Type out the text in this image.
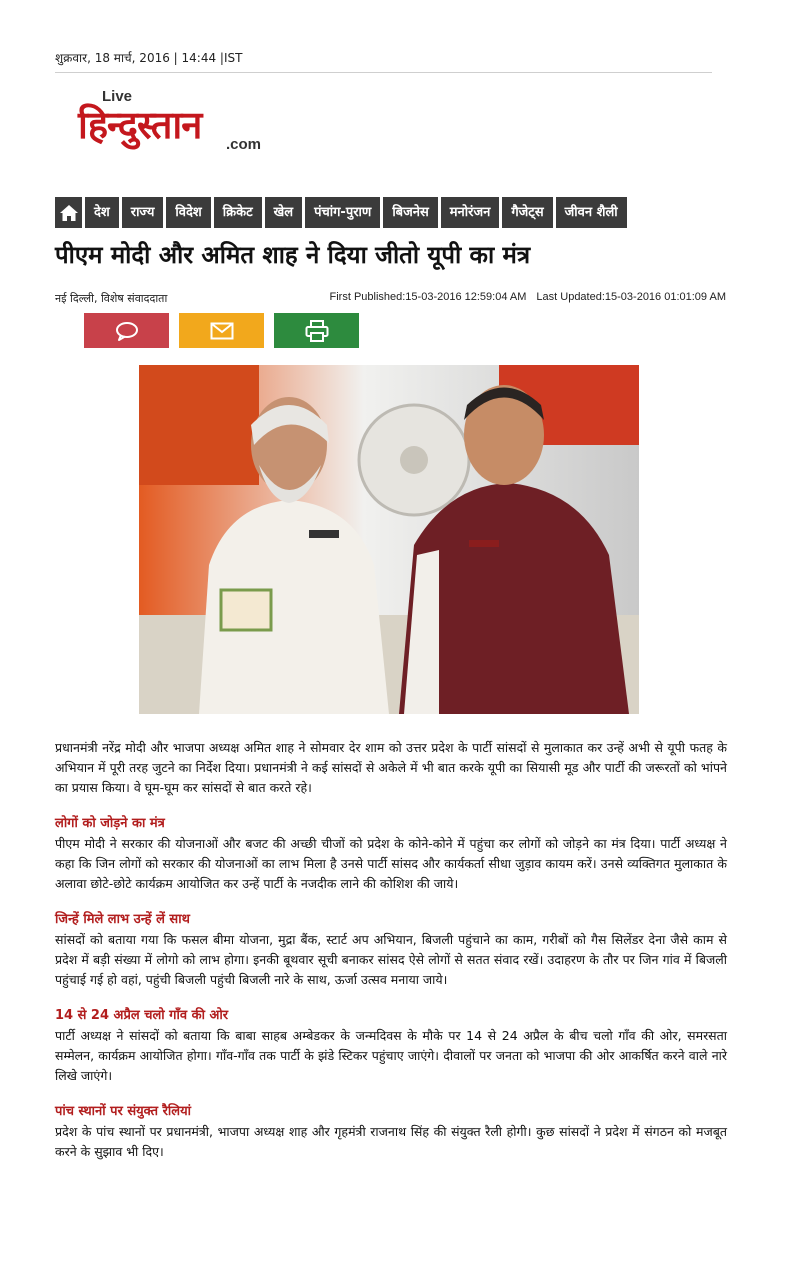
शुक्रवार, 18 मार्च, 2016 | 14:44 |IST
Live
हिन्दुस्तान .com
देश	राज्य	विदेश	क्रिकेट	खेल	पंचांग-पुराण	बिजनेस	मनोरंजन	गैजेट्स	जीवन शैली
पीएम मोदी और अमित शाह ने दिया जीतो यूपी का मंत्र
नई दिल्ली, विशेष संवाददाता	First Published:15-03-2016 12:59:04 AM Last Updated:15-03-2016 01:01:09 AM

प्रधानमंत्री नरेंद्र मोदी और भाजपा अध्यक्ष अमित शाह ने सोमवार देर शाम को उत्तर प्रदेश के पार्टी सांसदों से मुलाकात कर उन्हें अभी से यूपी फतह के अभियान में पूरी तरह जुटने का निर्देश दिया। प्रधानमंत्री ने कई सांसदों से अकेले में भी बात करके यूपी का सियासी मूड और पार्टी की जरूरतों को भांपने का प्रयास किया। वे घूम-घूम कर सांसदों से बात करते रहे।

लोगों को जोड़ने का मंत्र
पीएम मोदी ने सरकार की योजनाओं और बजट की अच्छी चीजों को प्रदेश के कोने-कोने में पहुंचा कर लोगों को जोड़ने का मंत्र दिया। पार्टी अध्यक्ष ने कहा कि जिन लोगों को सरकार की योजनाओं का लाभ मिला है उनसे पार्टी सांसद और कार्यकर्ता सीधा जुड़ाव कायम करें। उनसे व्यक्तिगत मुलाकात के अलावा छोटे-छोटे कार्यक्रम आयोजित कर उन्हें पार्टी के नजदीक लाने की कोशिश की जाये।
जिन्हें मिले लाभ उन्हें लें साथ
सांसदों को बताया गया कि फसल बीमा योजना, मुद्रा बैंक, स्टार्ट अप अभियान, बिजली पहुंचाने का काम, गरीबों को गैस सिलेंडर देना जैसे काम से प्रदेश में बड़ी संख्या में लोगो को लाभ होगा। इनकी बूथवार सूची बनाकर सांसद ऐसे लोगों से सतत संवाद रखें। उदाहरण के तौर पर जिन गांव में बिजली पहुंचाई गई हो वहां, पहुंची बिजली पहुंची बिजली नारे के साथ, ऊर्जा उत्सव मनाया जाये।
14 से 24 अप्रैल चलो गाँव की ओर
पार्टी अध्यक्ष ने सांसदों को बताया कि बाबा साहब अम्बेडकर के जन्मदिवस के मौके पर 14 से 24 अप्रैल के बीच चलो गाँव की ओर, समरसता सम्मेलन, कार्यक्रम आयोजित होगा। गाँव-गाँव तक पार्टी के झंडे स्टिकर पहुंचाए जाएंगे। दीवालों पर जनता को भाजपा की ओर आकर्षित करने वाले नारे लिखे जाएंगे।
पांच स्थानों पर संयुक्त रैलियां
प्रदेश के पांच स्थानों पर प्रधानमंत्री, भाजपा अध्यक्ष शाह और गृहमंत्री राजनाथ सिंह की संयुक्त रैली होगी। कुछ सांसदों ने प्रदेश में संगठन को मजबूत करने के सुझाव भी दिए।
